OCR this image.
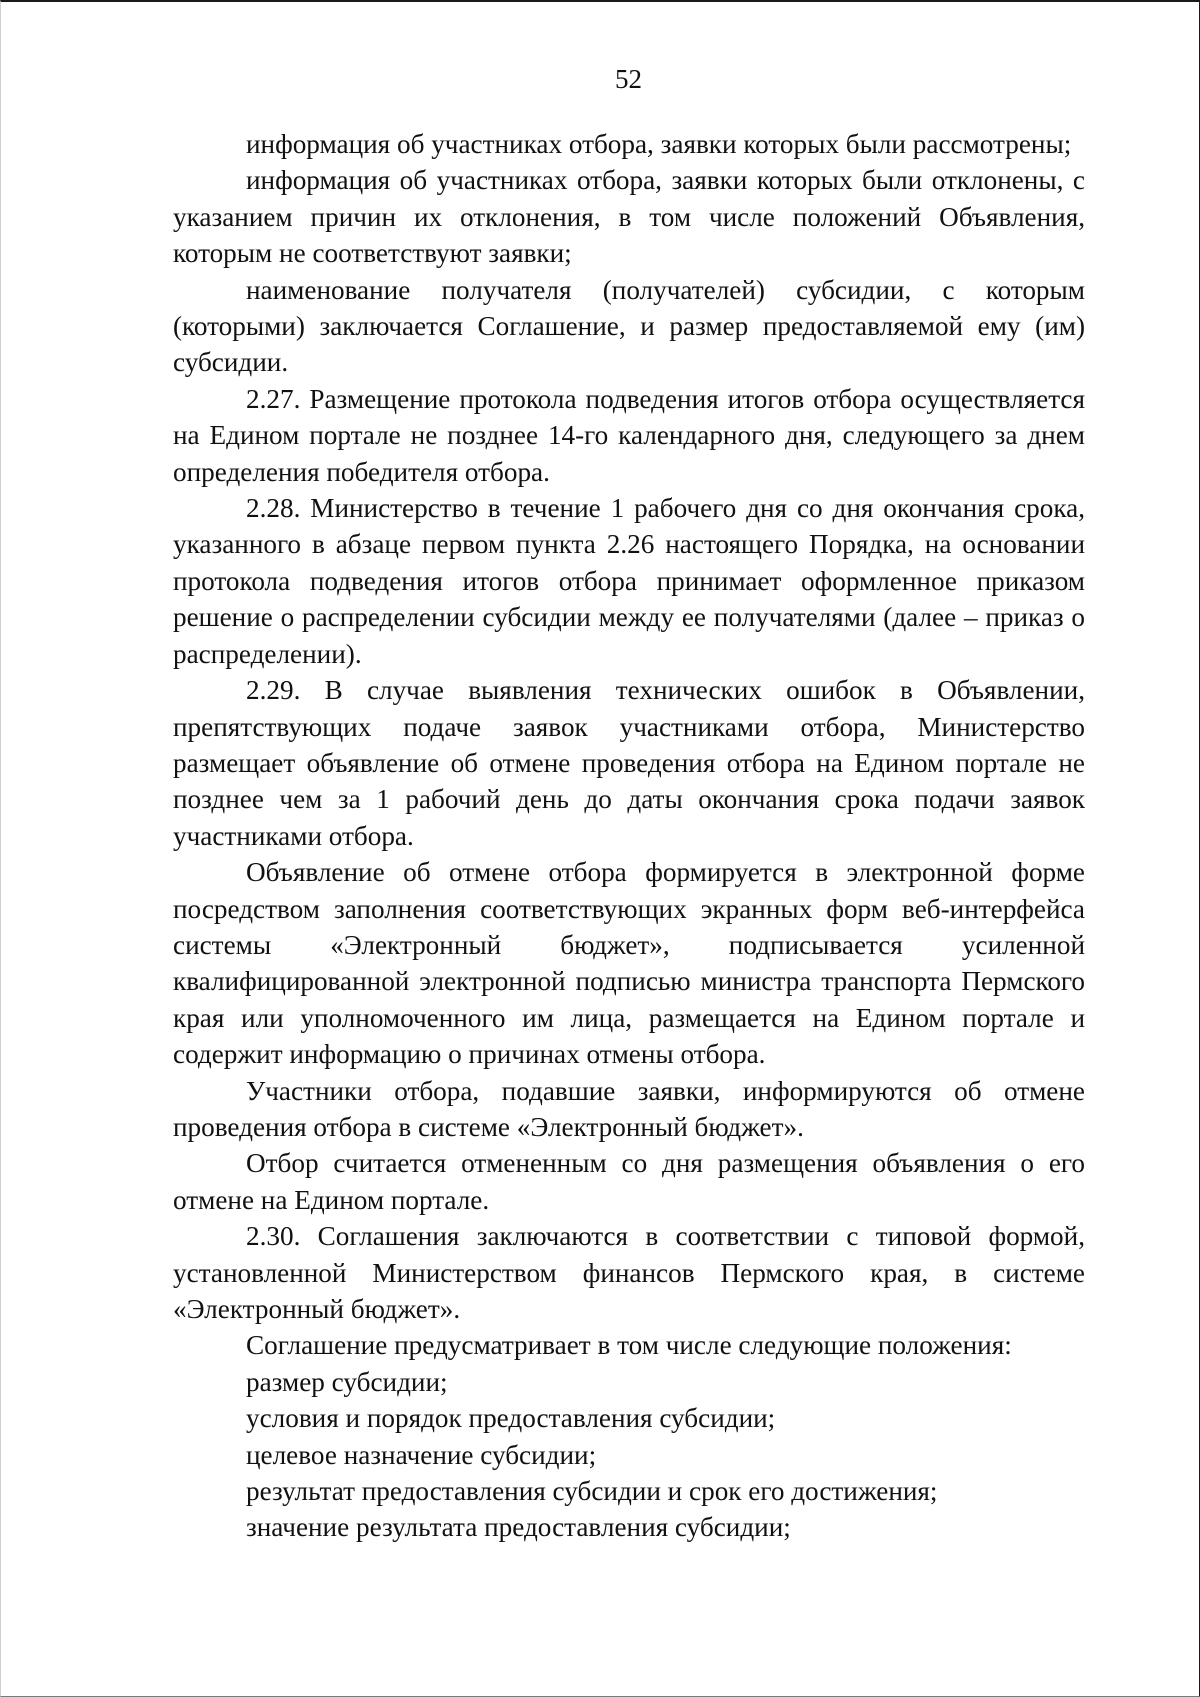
52

информация об участниках отбора, заявки которых были рассмотрены;

информация об участниках отбора, заявки которых были отклонены, с указанием причин их отклонения, в том числе положений Объявления, которым не соответствуют заявки;

наименование получателя (получателей) субсидии, с которым (которыми) заключается Соглашение, и размер предоставляемой ему (им) субсидии.

2.27. Размещение протокола подведения итогов отбора осуществляется на Едином портале не позднее 14-го календарного дня, следующего за днем определения победителя отбора.

2.28. Министерство в течение 1 рабочего дня со дня окончания срока, указанного в абзаце первом пункта 2.26 настоящего Порядка, на основании протокола подведения итогов отбора принимает оформленное приказом решение о распределении субсидии между ее получателями (далее – приказ о распределении).

2.29. В случае выявления технических ошибок в Объявлении, препятствующих подаче заявок участниками отбора, Министерство размещает объявление об отмене проведения отбора на Едином портале не позднее чем за 1 рабочий день до даты окончания срока подачи заявок участниками отбора.

Объявление об отмене отбора формируется в электронной форме посредством заполнения соответствующих экранных форм веб-интерфейса системы «Электронный бюджет», подписывается усиленной квалифицированной электронной подписью министра транспорта Пермского края или уполномоченного им лица, размещается на Едином портале и содержит информацию о причинах отмены отбора.

Участники отбора, подавшие заявки, информируются об отмене проведения отбора в системе «Электронный бюджет».

Отбор считается отмененным со дня размещения объявления о его отмене на Едином портале.

2.30. Соглашения заключаются в соответствии с типовой формой, установленной Министерством финансов Пермского края, в системе «Электронный бюджет».

Соглашение предусматривает в том числе следующие положения:

размер субсидии;

условия и порядок предоставления субсидии;

целевое назначение субсидии;

результат предоставления субсидии и срок его достижения;

значение результата предоставления субсидии;
